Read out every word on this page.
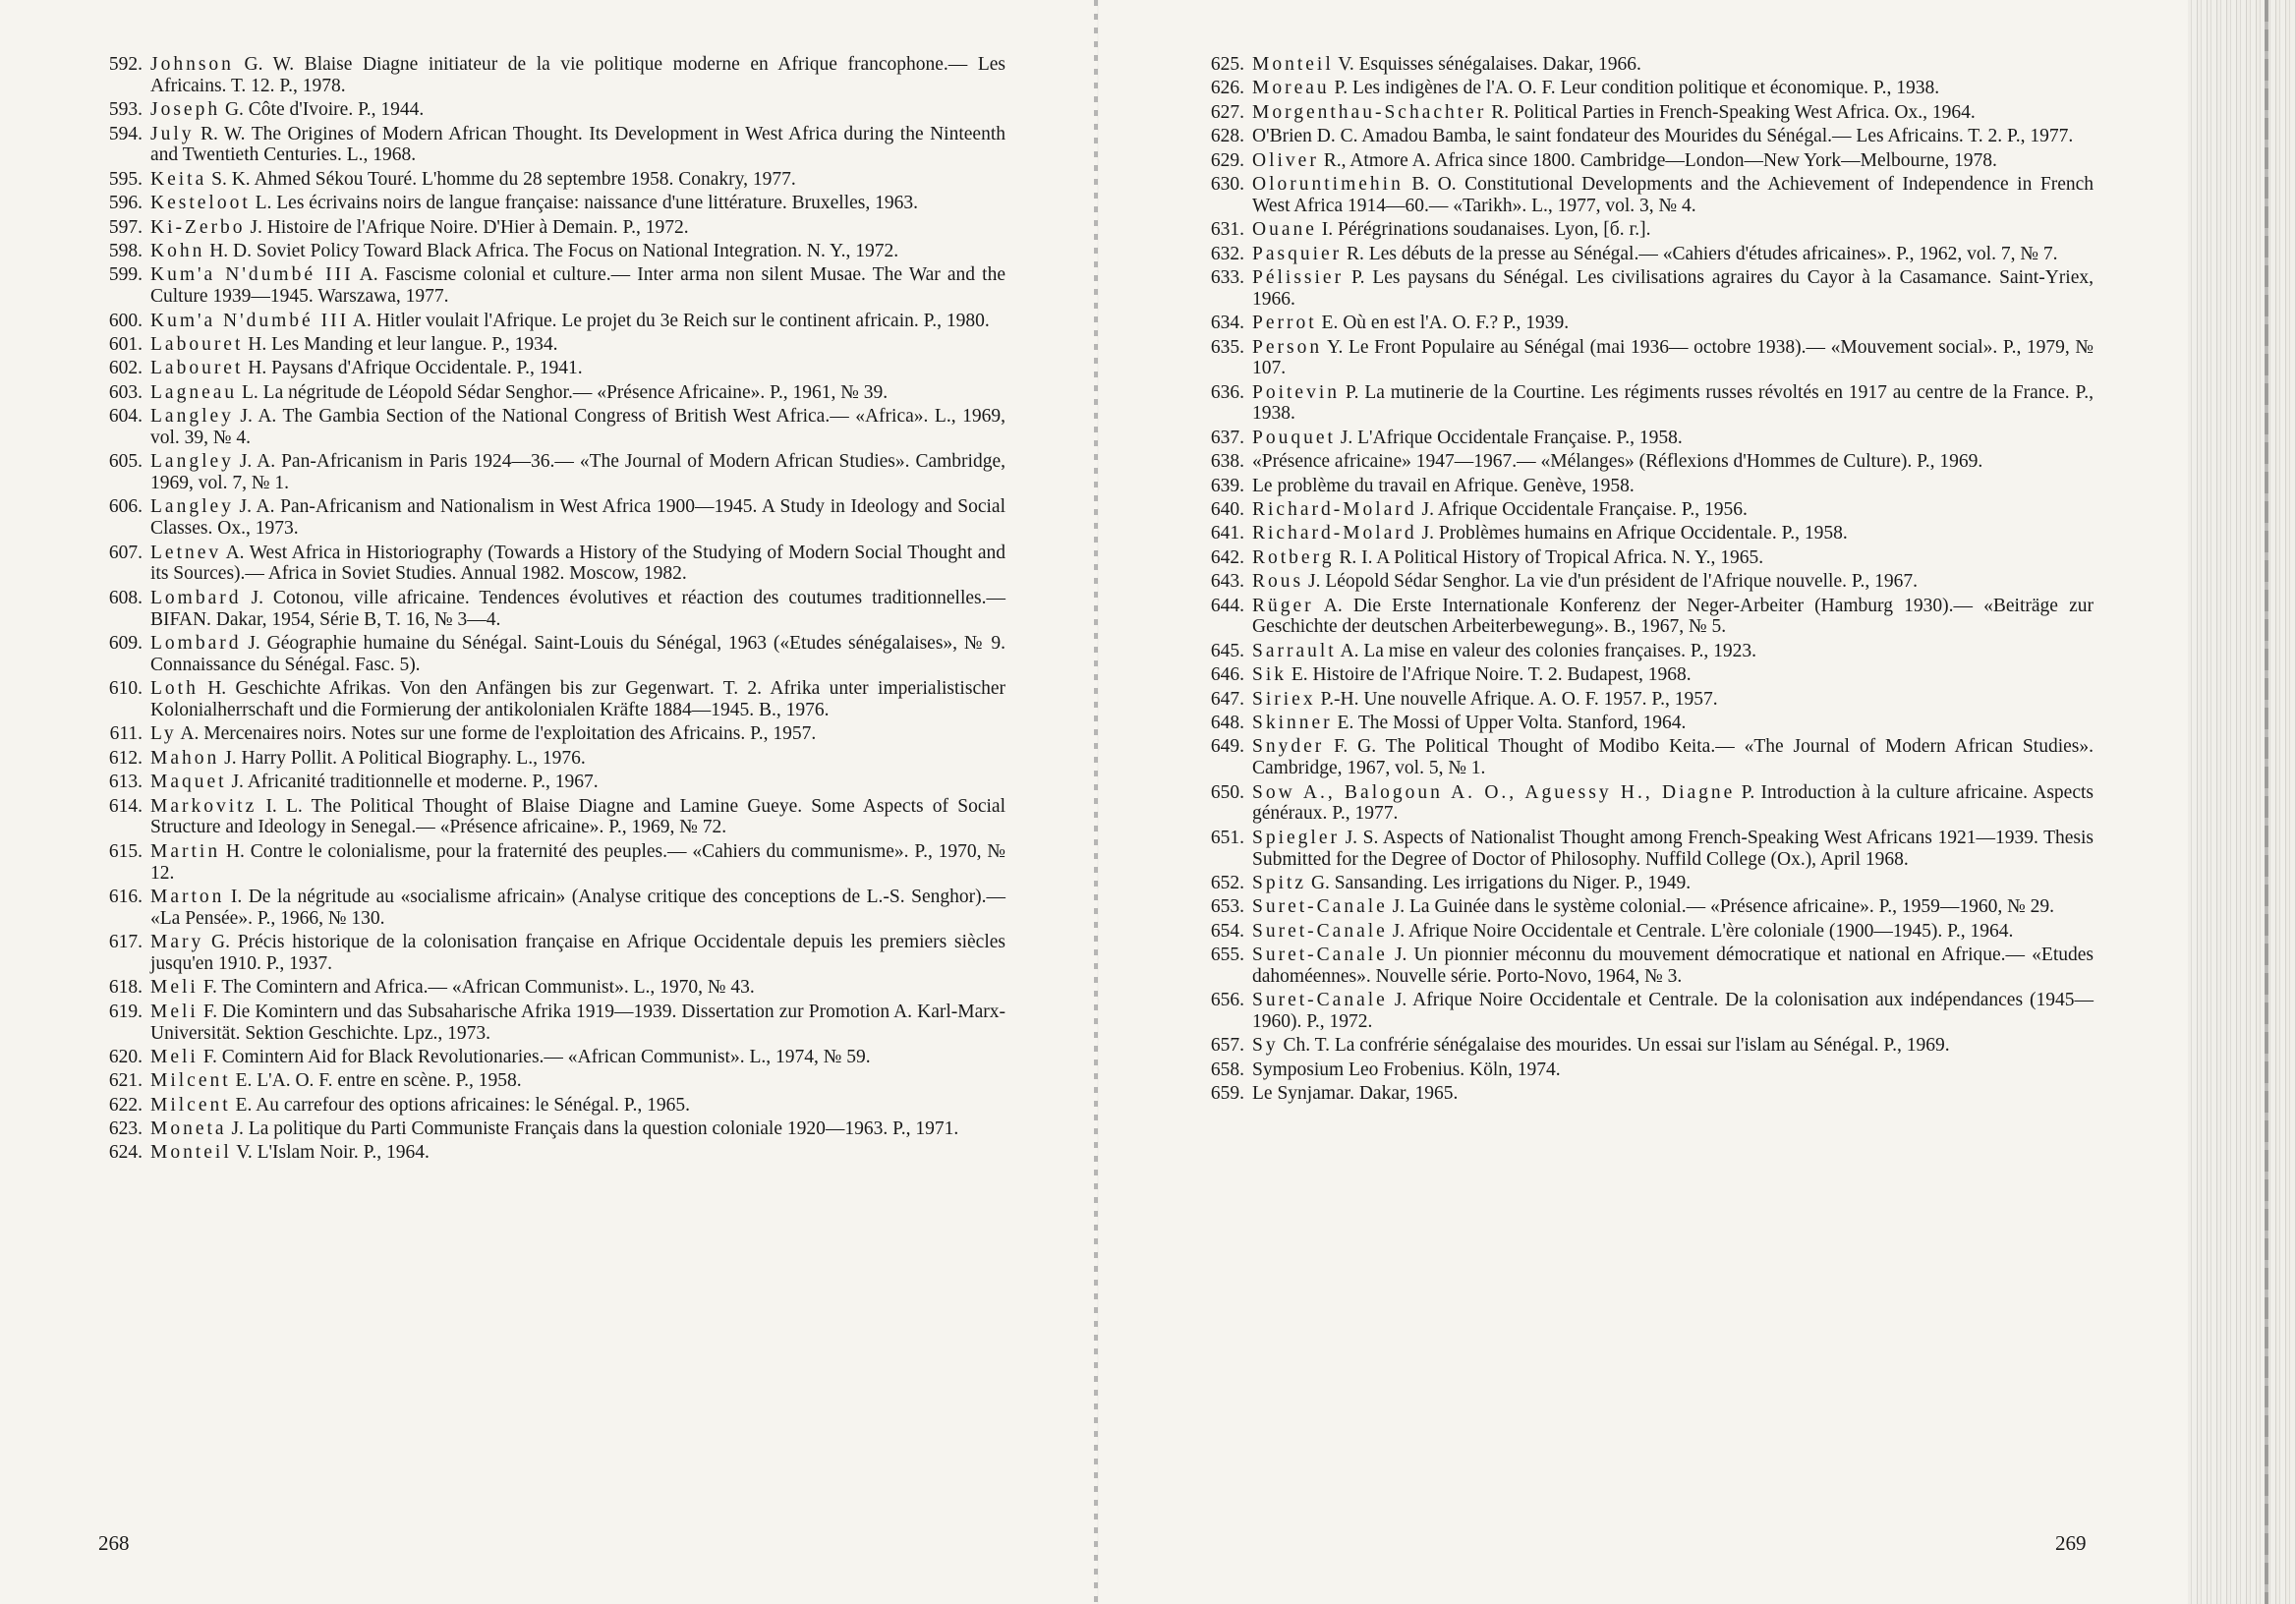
592. Johnson G. W. Blaise Diagne initiateur de la vie politique moderne en Afrique francophone.— Les Africains. T. 12. P., 1978.
593. Joseph G. Côte d'Ivoire. P., 1944.
594. July R. W. The Origines of Modern African Thought. Its Development in West Africa during the Ninteenth and Twentieth Centuries. L., 1968.
595. Keita S. K. Ahmed Sékou Touré. L'homme du 28 septembre 1958. Conakry, 1977.
596. Kesteloot L. Les écrivains noirs de langue française: naissance d'une littérature. Bruxelles, 1963.
597. Ki-Zerbo J. Histoire de l'Afrique Noire. D'Hier à Demain. P., 1972.
598. Kohn H. D. Soviet Policy Toward Black Africa. The Focus on National Integration. N. Y., 1972.
599. Kum'a N'dumbé III A. Fascisme colonial et culture.— Inter arma non silent Musae. The War and the Culture 1939—1945. Warszawa, 1977.
600. Kum'a N'dumbé III A. Hitler voulait l'Afrique. Le projet du 3e Reich sur le continent africain. P., 1980.
601. Labouret H. Les Manding et leur langue. P., 1934.
602. Labouret H. Paysans d'Afrique Occidentale. P., 1941.
603. Lagneau L. La négritude de Léopold Sédar Senghor.— «Présence Africaine». P., 1961, № 39.
604. Langley J. A. The Gambia Section of the National Congress of British West Africa.— «Africa». L., 1969, vol. 39, № 4.
605. Langley J. A. Pan-Africanism in Paris 1924—36.— «The Journal of Modern African Studies». Cambridge, 1969, vol. 7, № 1.
606. Langley J. A. Pan-Africanism and Nationalism in West Africa 1900—1945. A Study in Ideology and Social Classes. Ox., 1973.
607. Letnev A. West Africa in Historiography (Towards a History of the Studying of Modern Social Thought and its Sources).— Africa in Soviet Studies. Annual 1982. Moscow, 1982.
608. Lombard J. Cotonou, ville africaine. Tendences évolutives et réaction des coutumes traditionnelles.—BIFAN. Dakar, 1954, Série B, T. 16, № 3—4.
609. Lombard J. Géographie humaine du Sénégal. Saint-Louis du Sénégal, 1963 («Etudes sénégalaises», № 9. Connaissance du Sénégal. Fasc. 5).
610. Loth H. Geschichte Afrikas. Von den Anfängen bis zur Gegenwart. T. 2. Afrika unter imperialistischer Kolonialherrschaft und die Formierung der antikolonialen Kräfte 1884—1945. B., 1976.
611. Ly A. Mercenaires noirs. Notes sur une forme de l'exploitation des Africains. P., 1957.
612. Mahon J. Harry Pollit. A Political Biography. L., 1976.
613. Maquet J. Africanité traditionnelle et moderne. P., 1967.
614. Markovitz I. L. The Political Thought of Blaise Diagne and Lamine Gueye. Some Aspects of Social Structure and Ideology in Senegal.— «Présence africaine». P., 1969, № 72.
615. Martin H. Contre le colonialisme, pour la fraternité des peuples.— «Cahiers du communisme». P., 1970, № 12.
616. Marton I. De la négritude au «socialisme africain» (Analyse critique des conceptions de L.-S. Senghor).— «La Pensée». P., 1966, № 130.
617. Mary G. Précis historique de la colonisation française en Afrique Occidentale depuis les premiers siècles jusqu'en 1910. P., 1937.
618. Meli F. The Comintern and Africa.— «African Communist». L., 1970, № 43.
619. Meli F. Die Komintern und das Subsaharische Afrika 1919—1939. Dissertation zur Promotion A. Karl-Marx-Universität. Sektion Geschichte. Lpz., 1973.
620. Meli F. Comintern Aid for Black Revolutionaries.— «African Communist». L., 1974, № 59.
621. Milcent E. L'A. O. F. entre en scène. P., 1958.
622. Milcent E. Au carrefour des options africaines: le Sénégal. P., 1965.
623. Moneta J. La politique du Parti Communiste Français dans la question coloniale 1920—1963. P., 1971.
624. Monteil V. L'Islam Noir. P., 1964.
625. Monteil V. Esquisses sénégalaises. Dakar, 1966.
626. Moreau P. Les indigènes de l'A. O. F. Leur condition politique et économique. P., 1938.
627. Morgenthau-Schachter R. Political Parties in French-Speaking West Africa. Ox., 1964.
628. O'Brien D. C. Amadou Bamba, le saint fondateur des Mourides du Sénégal.— Les Africains. T. 2. P., 1977.
629. Oliver R., Atmore A. Africa since 1800. Cambridge—London—New York—Melbourne, 1978.
630. Oloruntimehin B. O. Constitutional Developments and the Achievement of Independence in French West Africa 1914—60.— «Tarikh». L., 1977, vol. 3, № 4.
631. Ouane I. Pérégrinations soudanaises. Lyon, [б. г.].
632. Pasquier R. Les débuts de la presse au Sénégal.— «Cahiers d'études africaines». P., 1962, vol. 7, № 7.
633. Pélissier P. Les paysans du Sénégal. Les civilisations agraires du Cayor à la Casamance. Saint-Yriex, 1966.
634. Perrot E. Où en est l'A. O. F.? P., 1939.
635. Person Y. Le Front Populaire au Sénégal (mai 1936— octobre 1938).— «Mouvement social». P., 1979, № 107.
636. Poitevin P. La mutinerie de la Courtine. Les régiments russes révoltés en 1917 au centre de la France. P., 1938.
637. Pouquet J. L'Afrique Occidentale Française. P., 1958.
638. «Présence africaine» 1947—1967.— «Mélanges» (Réflexions d'Hommes de Culture). P., 1969.
639. Le problème du travail en Afrique. Genève, 1958.
640. Richard-Molard J. Afrique Occidentale Française. P., 1956.
641. Richard-Molard J. Problèmes humains en Afrique Occidentale. P., 1958.
642. Rotberg R. I. A Political History of Tropical Africa. N. Y., 1965.
643. Rous J. Léopold Sédar Senghor. La vie d'un président de l'Afrique nouvelle. P., 1967.
644. Rüger A. Die Erste Internationale Konferenz der Neger-Arbeiter (Hamburg 1930).— «Beiträge zur Geschichte der deutschen Arbeiterbewegung». B., 1967, № 5.
645. Sarrault A. La mise en valeur des colonies françaises. P., 1923.
646. Sik E. Histoire de l'Afrique Noire. T. 2. Budapest, 1968.
647. Siriex P.-H. Une nouvelle Afrique. A. O. F. 1957. P., 1957.
648. Skinner E. The Mossi of Upper Volta. Stanford, 1964.
649. Snyder F. G. The Political Thought of Modibo Keita.— «The Journal of Modern African Studies». Cambridge, 1967, vol. 5, № 1.
650. Sow A., Balogoun A. O., Aguessy H., Diagne P. Introduction à la culture africaine. Aspects généraux. P., 1977.
651. Spiegler J. S. Aspects of Nationalist Thought among French-Speaking West Africans 1921—1939. Thesis Submitted for the Degree of Doctor of Philosophy. Nuffild College (Ox.), April 1968.
652. Spitz G. Sansanding. Les irrigations du Niger. P., 1949.
653. Suret-Canale J. La Guinée dans le système colonial.— «Présence africaine». P., 1959—1960, № 29.
654. Suret-Canale J. Afrique Noire Occidentale et Centrale. L'ère coloniale (1900—1945). P., 1964.
655. Suret-Canale J. Un pionnier méconnu du mouvement démocratique et national en Afrique.— «Etudes dahoméennes». Nouvelle série. Porto-Novo, 1964, № 3.
656. Suret-Canale J. Afrique Noire Occidentale et Centrale. De la colonisation aux indépendances (1945—1960). P., 1972.
657. Sy Ch. T. La confrérie sénégalaise des mourides. Un essai sur l'islam au Sénégal. P., 1969.
658. Symposium Leo Frobenius. Köln, 1974.
659. Le Synjamar. Dakar, 1965.
268	269
